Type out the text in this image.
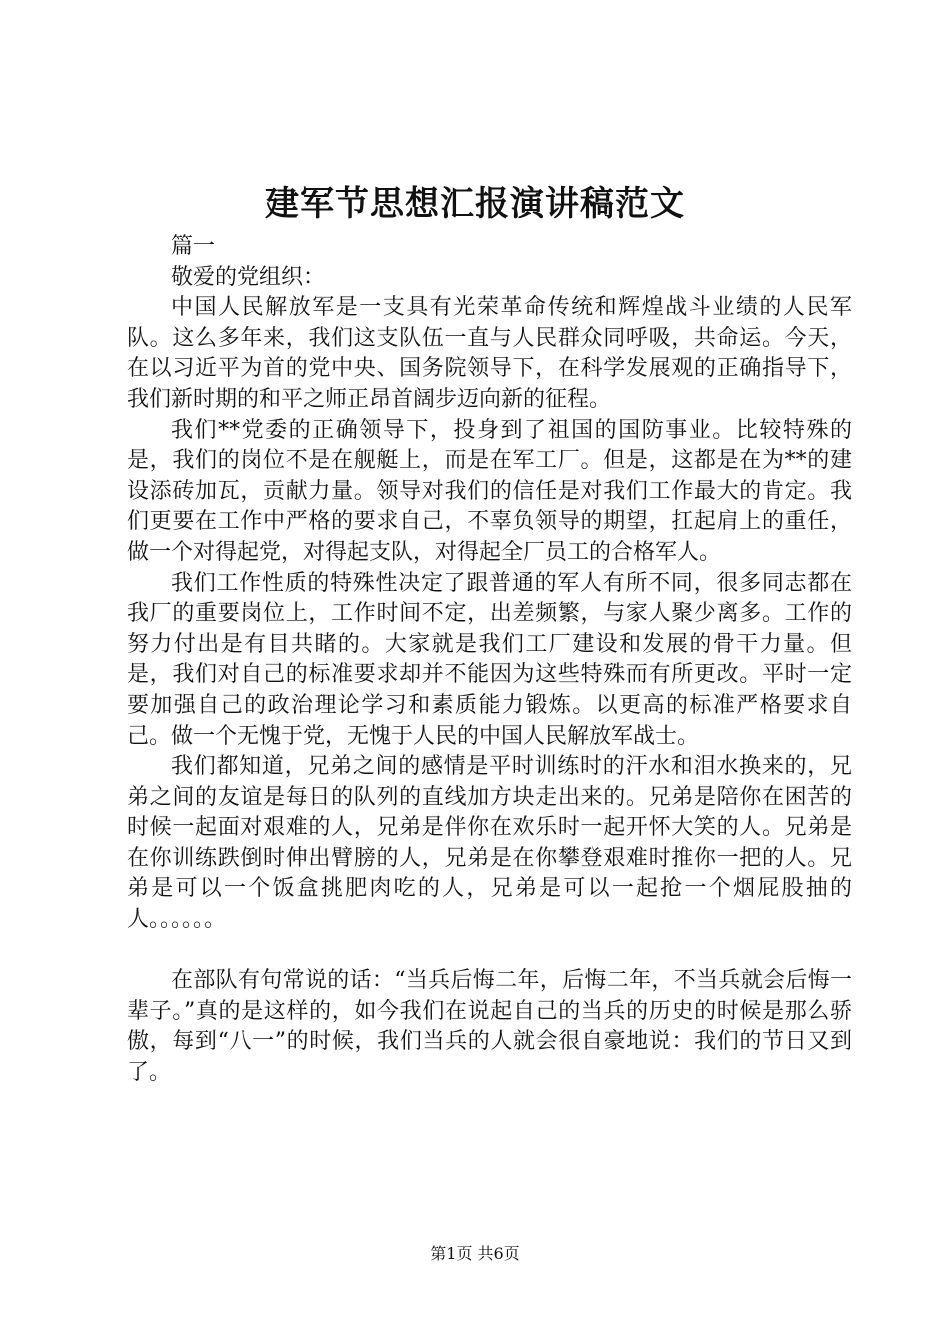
建军节思想汇报演讲稿范文

篇一

敬爱的党组织：

中国人民解放军是一支具有光荣革命传统和辉煌战斗业绩的人民军队。这么多年来，我们这支队伍一直与人民群众同呼吸，共命运。今天，在以习近平为首的党中央、国务院领导下，在科学发展观的正确指导下，我们新时期的和平之师正昂首阔步迈向新的征程。

我们**党委的正确领导下，投身到了祖国的国防事业。比较特殊的是，我们的岗位不是在舰艇上，而是在军工厂。但是，这都是在为**的建设添砖加瓦，贡献力量。领导对我们的信任是对我们工作最大的肯定。我们更要在工作中严格的要求自己，不辜负领导的期望，扛起肩上的重任，做一个对得起党，对得起支队，对得起全厂员工的合格军人。

我们工作性质的特殊性决定了跟普通的军人有所不同，很多同志都在我厂的重要岗位上，工作时间不定，出差频繁，与家人聚少离多。工作的努力付出是有目共睹的。大家就是我们工厂建设和发展的骨干力量。但是，我们对自己的标准要求却并不能因为这些特殊而有所更改。平时一定要加强自己的政治理论学习和素质能力锻炼。以更高的标准严格要求自己。做一个无愧于党，无愧于人民的中国人民解放军战士。

我们都知道，兄弟之间的感情是平时训练时的汗水和泪水换来的，兄弟之间的友谊是每日的队列的直线加方块走出来的。兄弟是陪你在困苦的时候一起面对艰难的人，兄弟是伴你在欢乐时一起开怀大笑的人。兄弟是在你训练跌倒时伸出臂膀的人，兄弟是在你攀登艰难时推你一把的人。兄弟是可以一个饭盒挑肥肉吃的人，兄弟是可以一起抢一个烟屁股抽的人。。。。。。

在部队有句常说的话：“当兵后悔二年，后悔二年，不当兵就会后悔一辈子。”真的是这样的，如今我们在说起自己的当兵的历史的时候是那么骄傲，每到“八一”的时候，我们当兵的人就会很自豪地说：我们的节日又到了。

第1页 共6页
